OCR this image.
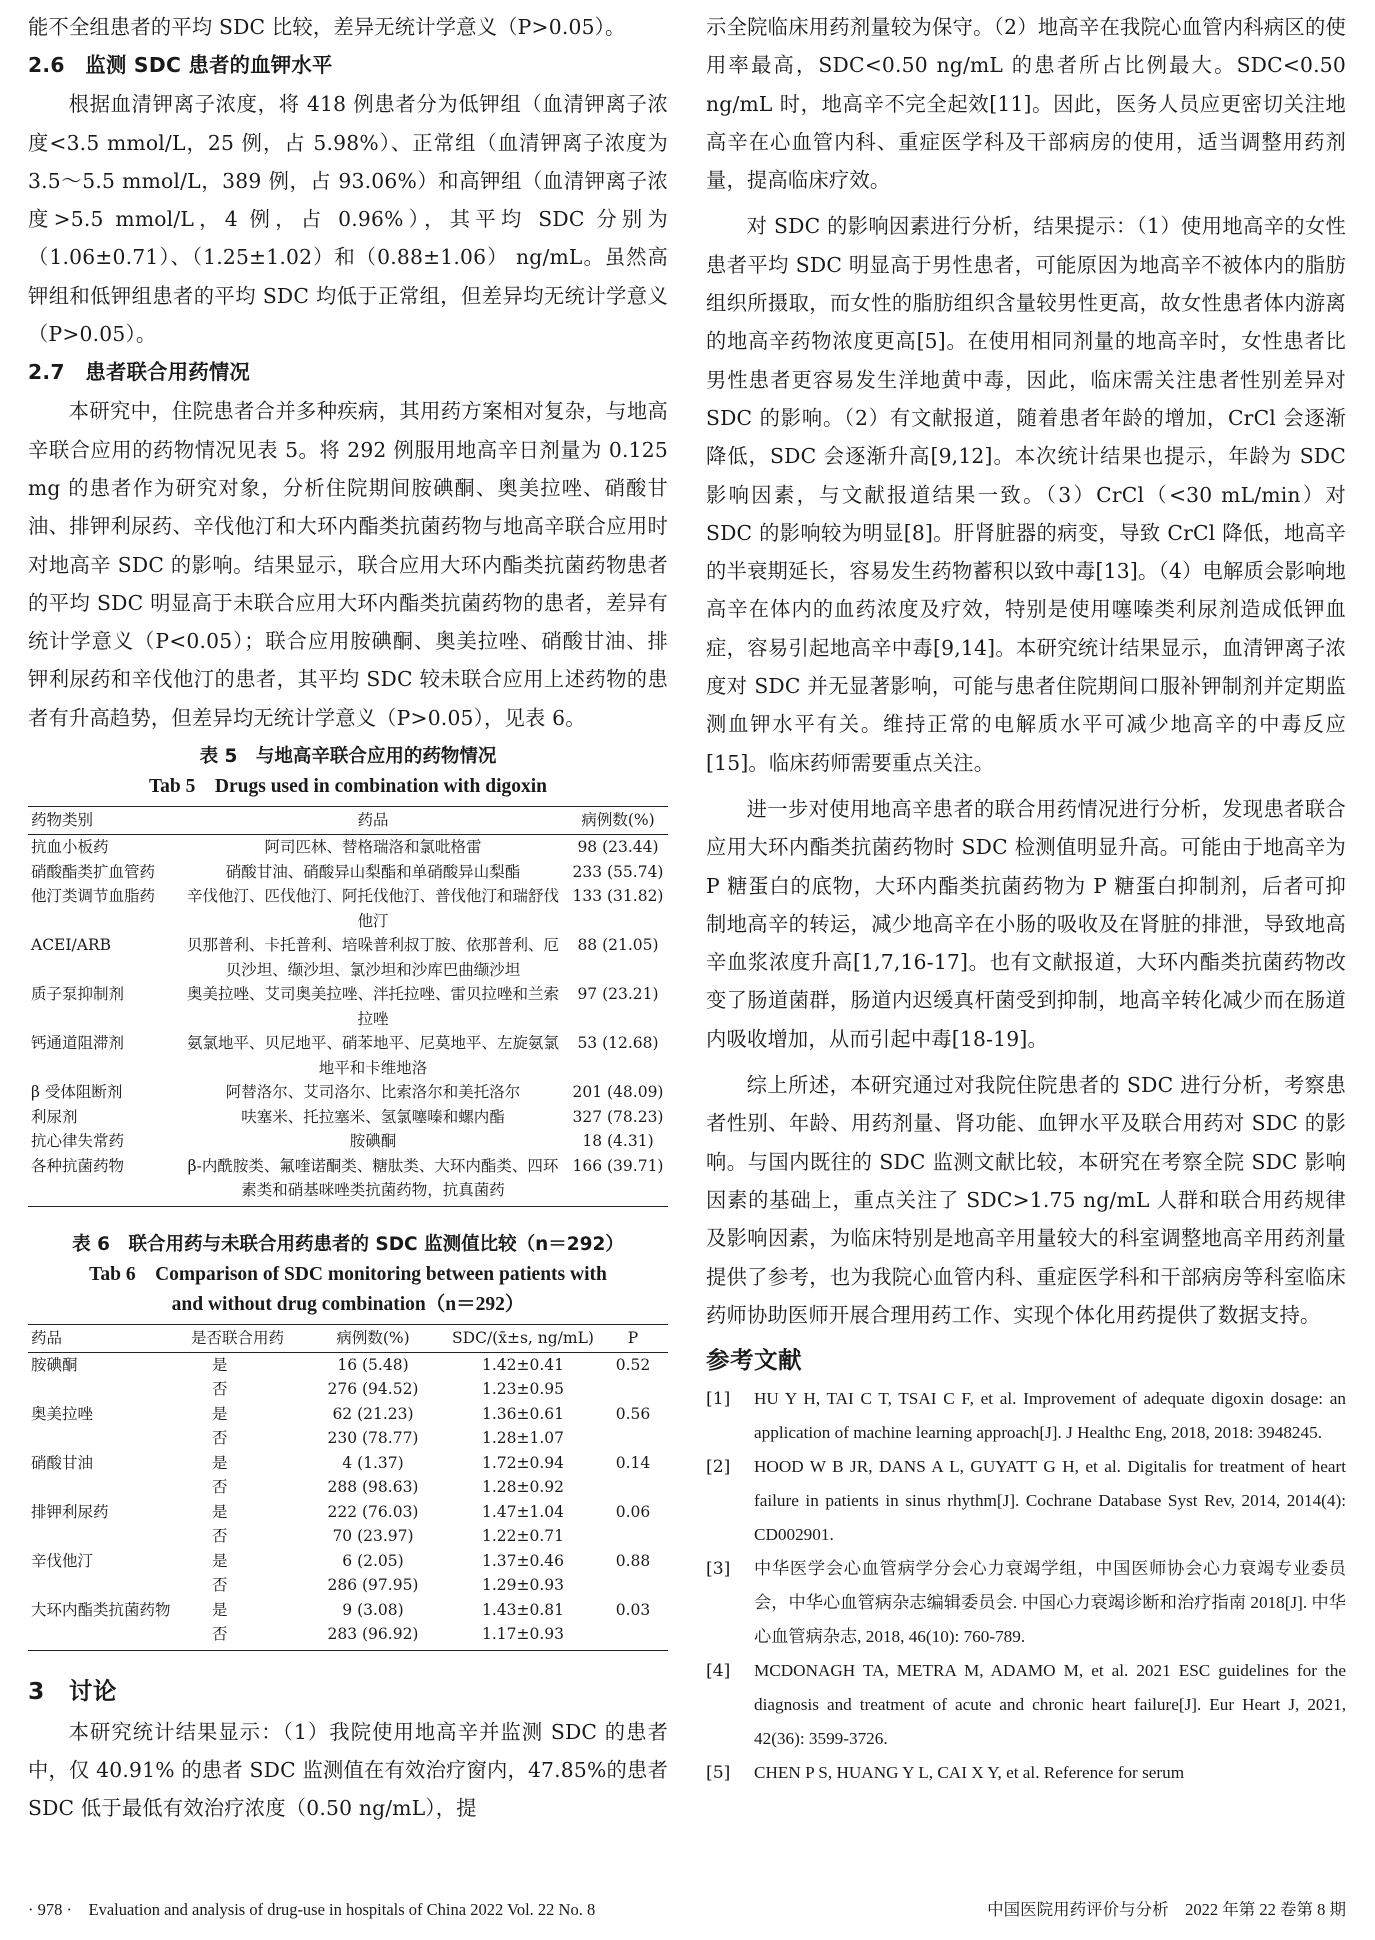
能不全组患者的平均 SDC 比较，差异无统计学意义（P>0.05）。

2.6　监测 SDC 患者的血钾水平

根据血清钾离子浓度，将 418 例患者分为低钾组（血清钾离子浓度<3.5 mmol/L，25 例，占 5.98%）、正常组（血清钾离子浓度为 3.5～5.5 mmol/L，389 例，占 93.06%）和高钾组（血清钾离子浓度>5.5 mmol/L，4 例，占 0.96%），其平均 SDC 分别为（1.06±0.71）、（1.25±1.02）和（0.88±1.06） ng/mL。虽然高钾组和低钾组患者的平均 SDC 均低于正常组，但差异均无统计学意义（P>0.05）。

2.7　患者联合用药情况

本研究中，住院患者合并多种疾病，其用药方案相对复杂，与地高辛联合应用的药物情况见表 5。将 292 例服用地高辛日剂量为 0.125 mg 的患者作为研究对象，分析住院期间胺碘酮、奥美拉唑、硝酸甘油、排钾利尿药、辛伐他汀和大环内酯类抗菌药物与地高辛联合应用时对地高辛 SDC 的影响。结果显示，联合应用大环内酯类抗菌药物患者的平均 SDC 明显高于未联合应用大环内酯类抗菌药物的患者，差异有统计学意义（P<0.05）；联合应用胺碘酮、奥美拉唑、硝酸甘油、排钾利尿药和辛伐他汀的患者，其平均 SDC 较未联合应用上述药物的患者有升高趋势，但差异均无统计学意义（P>0.05），见表 6。

表 5　与地高辛联合应用的药物情况

Tab 5　Drugs used in combination with digoxin

药物类别	药品	病例数(%)
抗血小板药	阿司匹林、替格瑞洛和氯吡格雷	98 (23.44)
硝酸酯类扩血管药	硝酸甘油、硝酸异山梨酯和单硝酸异山梨酯	233 (55.74)
他汀类调节血脂药	辛伐他汀、匹伐他汀、阿托伐他汀、普伐他汀和瑞舒伐他汀	133 (31.82)
ACEI/ARB	贝那普利、卡托普利、培哚普利叔丁胺、依那普利、厄贝沙坦、缬沙坦、氯沙坦和沙库巴曲缬沙坦	88 (21.05)
质子泵抑制剂	奥美拉唑、艾司奥美拉唑、泮托拉唑、雷贝拉唑和兰索拉唑	97 (23.21)
钙通道阻滞剂	氨氯地平、贝尼地平、硝苯地平、尼莫地平、左旋氨氯地平和卡维地洛	53 (12.68)
β 受体阻断剂	阿替洛尔、艾司洛尔、比索洛尔和美托洛尔	201 (48.09)
利尿剂	呋塞米、托拉塞米、氢氯噻嗪和螺内酯	327 (78.23)
抗心律失常药	胺碘酮	18 (4.31)
各种抗菌药物	β-内酰胺类、氟喹诺酮类、糖肽类、大环内酯类、四环素类和硝基咪唑类抗菌药物，抗真菌药	166 (39.71)

表 6　联合用药与未联合用药患者的 SDC 监测值比较（n＝292）

Tab 6　Comparison of SDC monitoring between patients with

and without drug combination（n＝292）

药品	是否联合用药	病例数(%)	SDC/(x̄±s, ng/mL)	P
胺碘酮	是	16 (5.48)	1.42±0.41	0.52
	否	276 (94.52)	1.23±0.95	
奥美拉唑	是	62 (21.23)	1.36±0.61	0.56
	否	230 (78.77)	1.28±1.07	
硝酸甘油	是	4 (1.37)	1.72±0.94	0.14
	否	288 (98.63)	1.28±0.92	
排钾利尿药	是	222 (76.03)	1.47±1.04	0.06
	否	70 (23.97)	1.22±0.71	
辛伐他汀	是	6 (2.05)	1.37±0.46	0.88
	否	286 (97.95)	1.29±0.93	
大环内酯类抗菌药物	是	9 (3.08)	1.43±0.81	0.03
	否	283 (96.92)	1.17±0.93	
3　讨论

本研究统计结果显示：（1）我院使用地高辛并监测 SDC 的患者中，仅 40.91% 的患者 SDC 监测值在有效治疗窗内，47.85%的患者 SDC 低于最低有效治疗浓度（0.50 ng/mL），提

示全院临床用药剂量较为保守。（2）地高辛在我院心血管内科病区的使用率最高，SDC<0.50 ng/mL 的患者所占比例最大。SDC<0.50 ng/mL 时，地高辛不完全起效[11]。因此，医务人员应更密切关注地高辛在心血管内科、重症医学科及干部病房的使用，适当调整用药剂量，提高临床疗效。

对 SDC 的影响因素进行分析，结果提示：（1）使用地高辛的女性患者平均 SDC 明显高于男性患者，可能原因为地高辛不被体内的脂肪组织所摄取，而女性的脂肪组织含量较男性更高，故女性患者体内游离的地高辛药物浓度更高[5]。在使用相同剂量的地高辛时，女性患者比男性患者更容易发生洋地黄中毒，因此，临床需关注患者性别差异对 SDC 的影响。（2）有文献报道，随着患者年龄的增加，CrCl 会逐渐降低，SDC 会逐渐升高[9,12]。本次统计结果也提示，年龄为 SDC 影响因素，与文献报道结果一致。（3）CrCl（<30 mL/min）对 SDC 的影响较为明显[8]。肝肾脏器的病变，导致 CrCl 降低，地高辛的半衰期延长，容易发生药物蓄积以致中毒[13]。（4）电解质会影响地高辛在体内的血药浓度及疗效，特别是使用噻嗪类利尿剂造成低钾血症，容易引起地高辛中毒[9,14]。本研究统计结果显示，血清钾离子浓度对 SDC 并无显著影响，可能与患者住院期间口服补钾制剂并定期监测血钾水平有关。维持正常的电解质水平可减少地高辛的中毒反应[15]。临床药师需要重点关注。

进一步对使用地高辛患者的联合用药情况进行分析，发现患者联合应用大环内酯类抗菌药物时 SDC 检测值明显升高。可能由于地高辛为 P 糖蛋白的底物，大环内酯类抗菌药物为 P 糖蛋白抑制剂，后者可抑制地高辛的转运，减少地高辛在小肠的吸收及在肾脏的排泄，导致地高辛血浆浓度升高[1,7,16-17]。也有文献报道，大环内酯类抗菌药物改变了肠道菌群，肠道内迟缓真杆菌受到抑制，地高辛转化减少而在肠道内吸收增加，从而引起中毒[18-19]。

综上所述，本研究通过对我院住院患者的 SDC 进行分析，考察患者性别、年龄、用药剂量、肾功能、血钾水平及联合用药对 SDC 的影响。与国内既往的 SDC 监测文献比较，本研究在考察全院 SDC 影响因素的基础上，重点关注了 SDC>1.75 ng/mL 人群和联合用药规律及影响因素，为临床特别是地高辛用量较大的科室调整地高辛用药剂量提供了参考，也为我院心血管内科、重症医学科和干部病房等科室临床药师协助医师开展合理用药工作、实现个体化用药提供了数据支持。

参考文献
[1]	HU Y H, TAI C T, TSAI C F, et al. Improvement of adequate digoxin dosage: an application of machine learning approach[J]. J Healthc Eng, 2018, 2018: 3948245.
[2]	HOOD W B JR, DANS A L, GUYATT G H, et al. Digitalis for treatment of heart failure in patients in sinus rhythm[J]. Cochrane Database Syst Rev, 2014, 2014(4): CD002901.
[3]	中华医学会心血管病学分会心力衰竭学组，中国医师协会心力衰竭专业委员会，中华心血管病杂志编辑委员会. 中国心力衰竭诊断和治疗指南 2018[J]. 中华心血管病杂志, 2018, 46(10): 760-789.
[4]	MCDONAGH TA, METRA M, ADAMO M, et al. 2021 ESC guidelines for the diagnosis and treatment of acute and chronic heart failure[J]. Eur Heart J, 2021, 42(36): 3599-3726.
[5]	CHEN P S, HUANG Y L, CAI X Y, et al. Reference for serum
· 978 ·　Evaluation and analysis of drug-use in hospitals of China 2022 Vol. 22 No. 8	中国医院用药评价与分析　2022 年第 22 卷第 8 期
